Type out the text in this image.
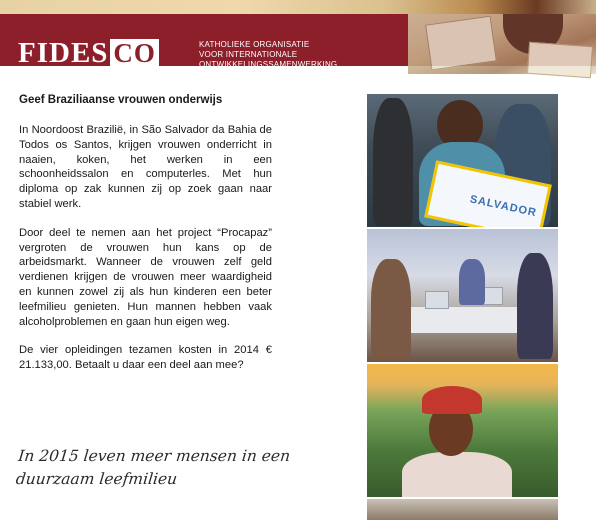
FIDES CO	KATHOLIEKE ORGANISATIE
VOOR INTERNATIONALE
ONTWIKKELINGSSAMENWERKING
Geef Braziliaanse vrouwen onderwijs

In Noordoost Brazilië, in São Salvador da Bahia de Todos os Santos, krijgen vrouwen onderricht in naaien, koken, het werken in een schoonheidssalon en computerles. Met hun diploma op zak kunnen zij op zoek gaan naar stabiel werk.

Door deel te nemen aan het project “Procapaz” vergroten de vrouwen hun kans op de arbeidsmarkt. Wanneer de vrouwen zelf geld verdienen krijgen de vrouwen meer waardigheid en kunnen zowel zij als hun kinderen een beter leefmilieu genieten. Hun mannen hebben vaak alcoholproblemen en gaan hun eigen weg.

De vier opleidingen tezamen kosten in 2014 € 21.133,00. Betaalt u daar een deel aan mee?

In 2015 leven meer mensen in een
duurzaam leefmilieu
SALVADOR
